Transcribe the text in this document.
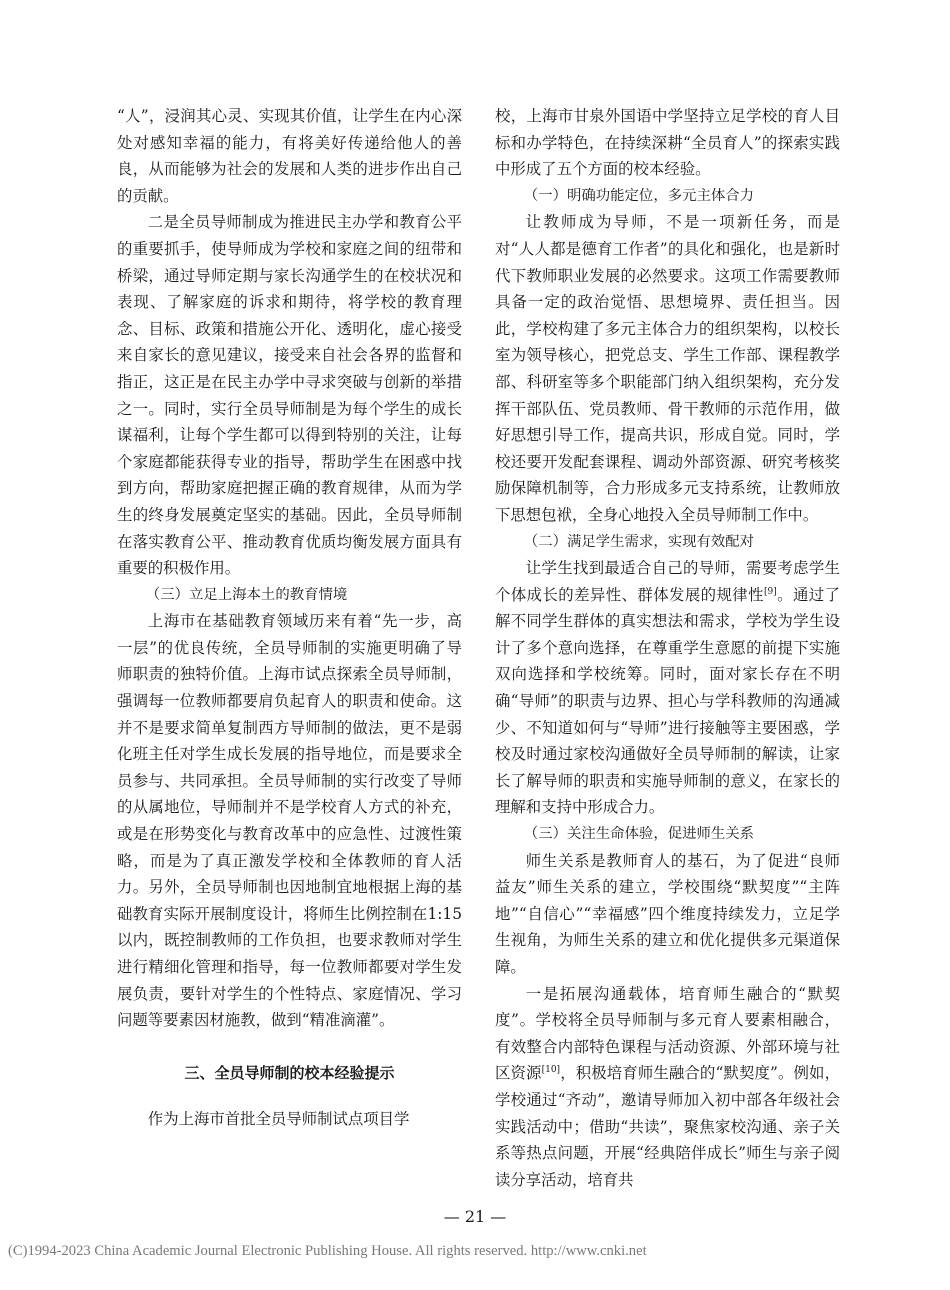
“人”，浸润其心灵、实现其价值，让学生在内心深处对感知幸福的能力，有将美好传递给他人的善良，从而能够为社会的发展和人类的进步作出自己的贡献。

二是全员导师制成为推进民主办学和教育公平的重要抓手，使导师成为学校和家庭之间的纽带和桥梁，通过导师定期与家长沟通学生的在校状况和表现、了解家庭的诉求和期待，将学校的教育理念、目标、政策和措施公开化、透明化，虚心接受来自家长的意见建议，接受来自社会各界的监督和指正，这正是在民主办学中寻求突破与创新的举措之一。同时，实行全员导师制是为每个学生的成长谋福利，让每个学生都可以得到特别的关注，让每个家庭都能获得专业的指导，帮助学生在困惑中找到方向，帮助家庭把握正确的教育规律，从而为学生的终身发展奠定坚实的基础。因此，全员导师制在落实教育公平、推动教育优质均衡发展方面具有重要的积极作用。

（三）立足上海本土的教育情境

上海市在基础教育领域历来有着“先一步，高一层”的优良传统，全员导师制的实施更明确了导师职责的独特价值。上海市试点探索全员导师制，强调每一位教师都要肩负起育人的职责和使命。这并不是要求简单复制西方导师制的做法，更不是弱化班主任对学生成长发展的指导地位，而是要求全员参与、共同承担。全员导师制的实行改变了导师的从属地位，导师制并不是学校育人方式的补充，或是在形势变化与教育改革中的应急性、过渡性策略，而是为了真正激发学校和全体教师的育人活力。另外，全员导师制也因地制宜地根据上海的基础教育实际开展制度设计，将师生比例控制在1:15以内，既控制教师的工作负担，也要求教师对学生进行精细化管理和指导，每一位教师都要对学生发展负责，要针对学生的个性特点、家庭情况、学习问题等要素因材施教，做到“精准滴灌”。

三、全员导师制的校本经验提示

作为上海市首批全员导师制试点项目学

校，上海市甘泉外国语中学坚持立足学校的育人目标和办学特色，在持续深耕“全员育人”的探索实践中形成了五个方面的校本经验。

（一）明确功能定位，多元主体合力

让教师成为导师，不是一项新任务，而是对“人人都是德育工作者”的具化和强化，也是新时代下教师职业发展的必然要求。这项工作需要教师具备一定的政治觉悟、思想境界、责任担当。因此，学校构建了多元主体合力的组织架构，以校长室为领导核心，把党总支、学生工作部、课程教学部、科研室等多个职能部门纳入组织架构，充分发挥干部队伍、党员教师、骨干教师的示范作用，做好思想引导工作，提高共识，形成自觉。同时，学校还要开发配套课程、调动外部资源、研究考核奖励保障机制等，合力形成多元支持系统，让教师放下思想包袱，全身心地投入全员导师制工作中。

（二）满足学生需求，实现有效配对

让学生找到最适合自己的导师，需要考虑学生个体成长的差异性、群体发展的规律性[9]。通过了解不同学生群体的真实想法和需求，学校为学生设计了多个意向选择，在尊重学生意愿的前提下实施双向选择和学校统筹。同时，面对家长存在不明确“导师”的职责与边界、担心与学科教师的沟通减少、不知道如何与“导师”进行接触等主要困惑，学校及时通过家校沟通做好全员导师制的解读，让家长了解导师的职责和实施导师制的意义，在家长的理解和支持中形成合力。

（三）关注生命体验，促进师生关系

师生关系是教师育人的基石，为了促进“良师益友”师生关系的建立，学校围绕“默契度”“主阵地”“自信心”“幸福感”四个维度持续发力，立足学生视角，为师生关系的建立和优化提供多元渠道保障。

一是拓展沟通载体，培育师生融合的“默契度”。学校将全员导师制与多元育人要素相融合，有效整合内部特色课程与活动资源、外部环境与社区资源[10]，积极培育师生融合的“默契度”。例如，学校通过“齐动”，邀请导师加入初中部各年级社会实践活动中；借助“共读”，聚焦家校沟通、亲子关系等热点问题，开展“经典陪伴成长”师生与亲子阅读分享活动，培育共

— 21 —
(C)1994-2023 China Academic Journal Electronic Publishing House. All rights reserved. http://www.cnki.net
